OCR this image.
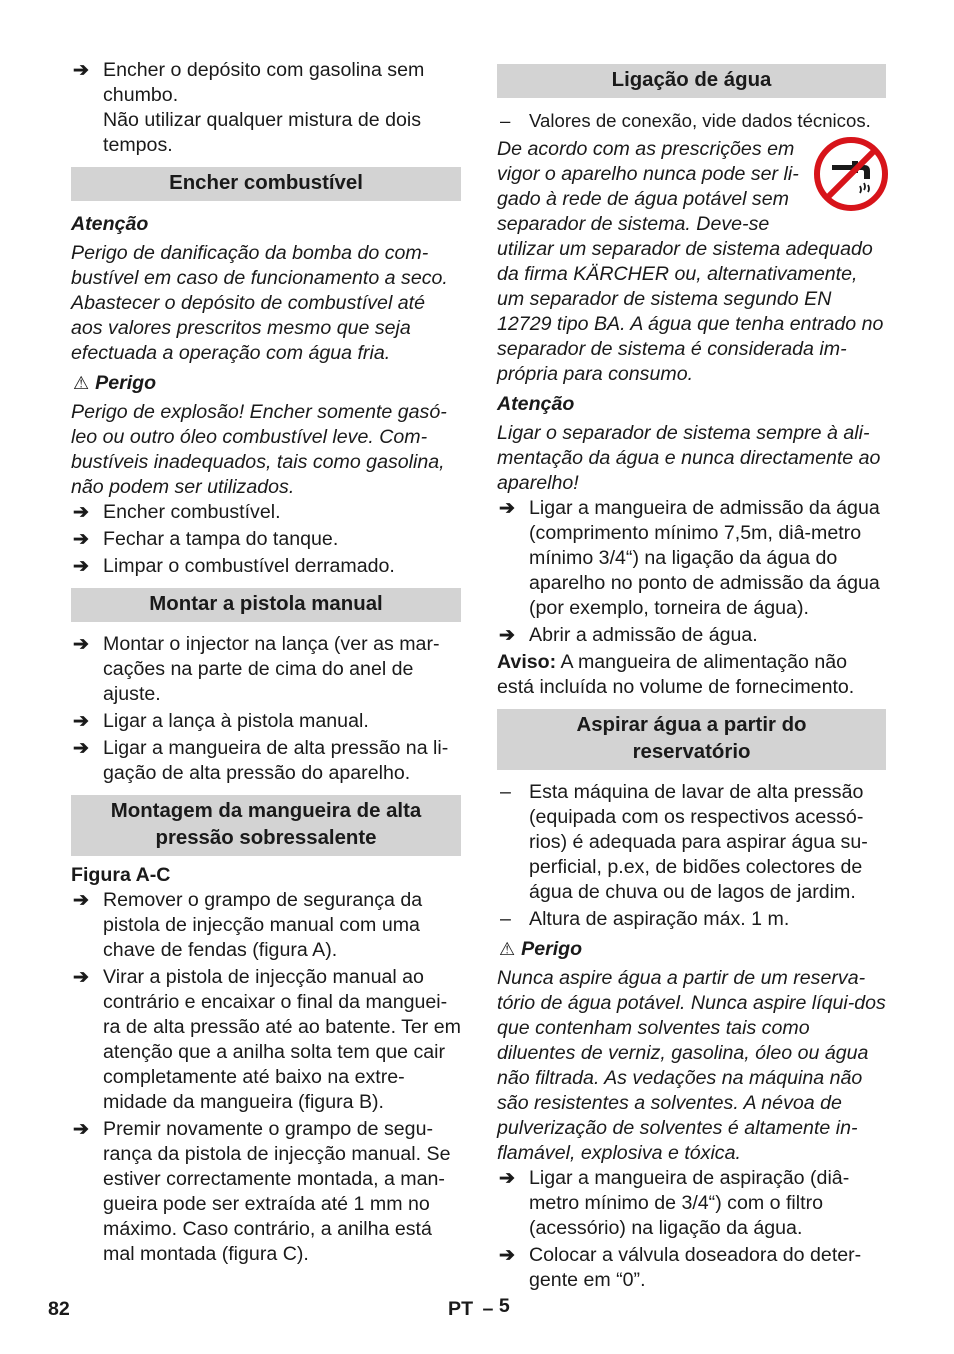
➔ Encher o depósito com gasolina sem chumbo.

Não utilizar qualquer mistura de dois tempos.

Encher combustível

Atenção

Perigo de danificação da bomba do com-bustível em caso de funcionamento a seco. Abastecer o depósito de combustível até aos valores prescritos mesmo que seja efectuada a operação com água fria.

⚠ Perigo

Perigo de explosão! Encher somente gasó-leo ou outro óleo combustível leve. Com-bustíveis inadequados, tais como gasolina, não podem ser utilizados.

➔ Encher combustível.
➔ Fechar a tampa do tanque.
➔ Limpar o combustível derramado.
Montar a pistola manual
➔ Montar o injector na lança (ver as mar-cações na parte de cima do anel de ajuste.
➔ Ligar a lança à pistola manual.
➔ Ligar a mangueira de alta pressão na li-gação de alta pressão do aparelho.
Montagem da mangueira de alta
pressão sobressalente

Figura A-C

➔ Remover o grampo de segurança da pistola de injecção manual com uma chave de fendas (figura A).
➔ Virar a pistola de injecção manual ao contrário e encaixar o final da manguei-ra de alta pressão até ao batente. Ter em atenção que a anilha solta tem que cair completamente até baixo na extre-midade da mangueira (figura B).
➔ Premir novamente o grampo de segu-rança da pistola de injecção manual. Se estiver correctamente montada, a man-gueira pode ser extraída até 1 mm no máximo. Caso contrário, a anilha está mal montada (figura C).
Ligação de água
– Valores de conexão, vide dados técnicos.

De acordo com as prescrições em vigor o aparelho nunca pode ser li-gado à rede de água potável sem separador de sistema. Deve-se utilizar um separador de sistema adequado da firma KÄRCHER ou, alternativamente, um separador de sistema segundo EN 12729 tipo BA. A água que tenha entrado no separador de sistema é considerada im-própria para consumo.

Atenção

Ligar o separador de sistema sempre à ali-mentação da água e nunca directamente ao aparelho!

➔ Ligar a mangueira de admissão da água (comprimento mínimo 7,5m, diâ-metro mínimo 3/4“) na ligação da água do aparelho no ponto de admissão da água (por exemplo, torneira de água).
➔ Abrir a admissão de água.

Aviso: A mangueira de alimentação não está incluída no volume de fornecimento.

Aspirar água a partir do
reservatório
– Esta máquina de lavar de alta pressão (equipada com os respectivos acessó-rios) é adequada para aspirar água su-perficial, p.ex, de bidões colectores de água de chuva ou de lagos de jardim.
– Altura de aspiração máx. 1 m.

⚠ Perigo

Nunca aspire água a partir de um reserva-tório de água potável. Nunca aspire líqui-dos que contenham solventes tais como diluentes de verniz, gasolina, óleo ou água não filtrada. As vedações na máquina não são resistentes a solventes. A névoa de pulverização de solventes é altamente in-flamável, explosiva e tóxica.

➔ Ligar a mangueira de aspiração (diâ-metro mínimo de 3/4“) com o filtro (acessório) na ligação da água.
➔ Colocar a válvula doseadora do deter-gente em “0”.
82	PT – 5
